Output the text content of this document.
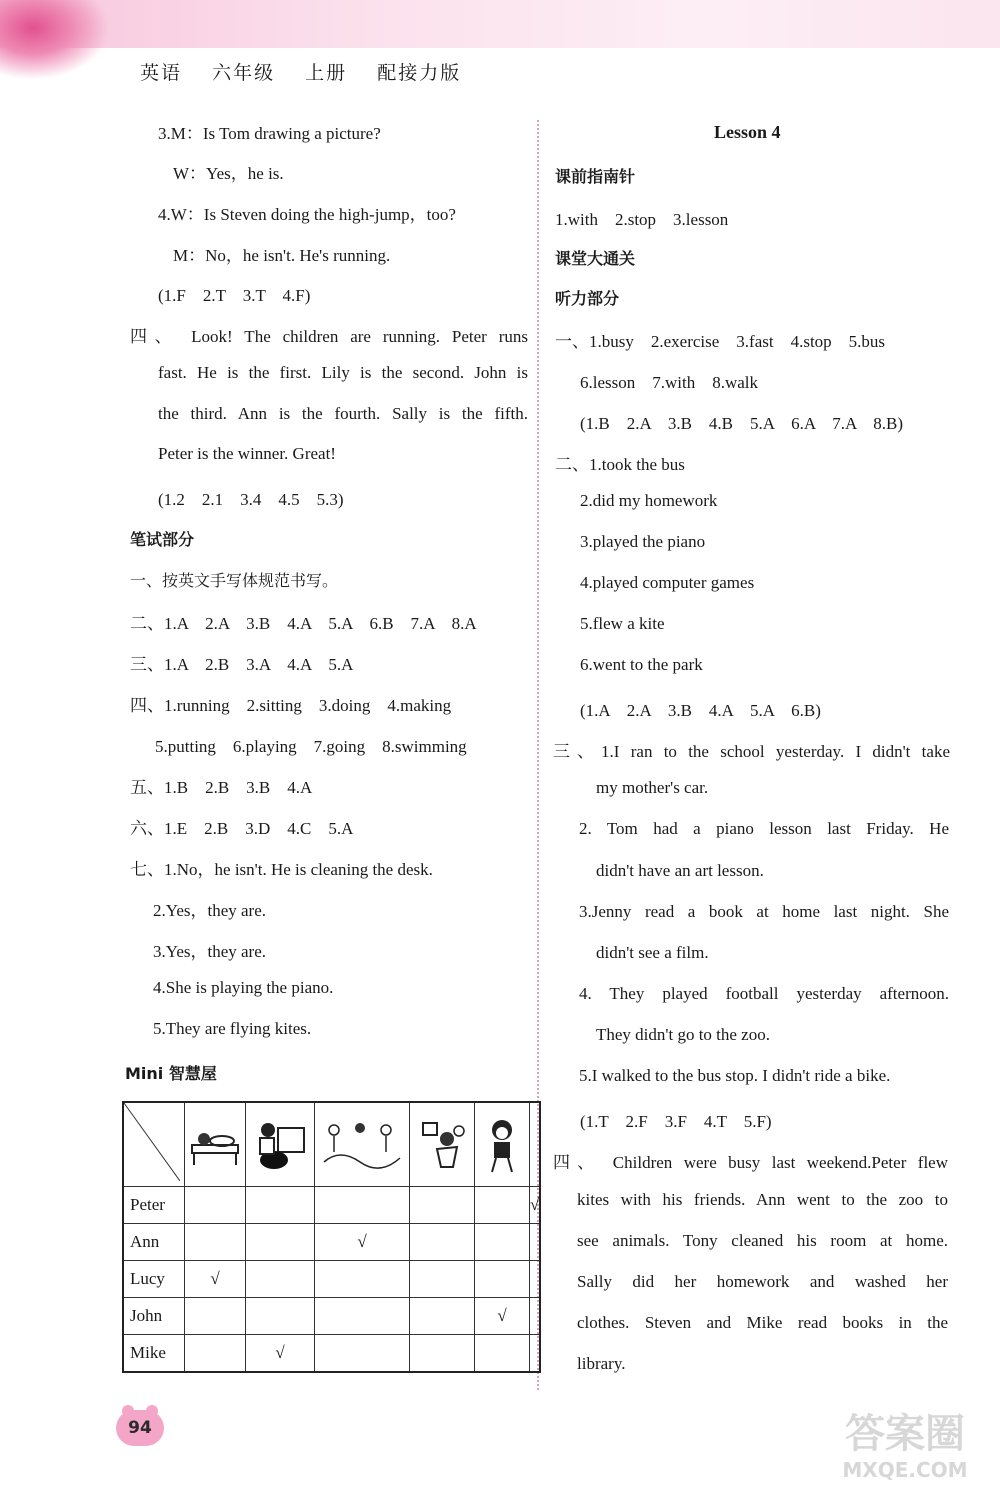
英语 六年级 上册 配接力版
3.M：Is Tom drawing a picture?
W：Yes，he is.
4.W：Is Steven doing the high-jump，too?
M：No，he isn't. He's running.
(1.F　2.T　3.T　4.F)
四、 Look! The children are running. Peter runs
fast. He is the first. Lily is the second. John is
the third. Ann is the fourth. Sally is the fifth.
Peter is the winner. Great!
(1.2　2.1　3.4　4.5　5.3)
笔试部分
一、按英文手写体规范书写。
二、1.A　2.A　3.B　4.A　5.A　6.B　7.A　8.A
三、1.A　2.B　3.A　4.A　5.A
四、1.running　2.sitting　3.doing　4.making
5.putting　6.playing　7.going　8.swimming
五、1.B　2.B　3.B　4.A
六、1.E　2.B　3.D　4.C　5.A
七、1.No，he isn't. He is cleaning the desk.
2.Yes，they are.
3.Yes，they are.
4.She is playing the piano.
5.They are flying kites.
Mini 智慧屋

Peter						√
Ann			√			
Lucy	√					
John					√	
Mike		√				
94
Lesson 4
课前指南针
1.with　2.stop　3.lesson
课堂大通关
听力部分
一、1.busy　2.exercise　3.fast　4.stop　5.bus
6.lesson　7.with　8.walk
(1.B　2.A　3.B　4.B　5.A　6.A　7.A　8.B)
二、1.took the bus
2.did my homework
3.played the piano
4.played computer games
5.flew a kite
6.went to the park
(1.A　2.A　3.B　4.A　5.A　6.B)
三、1.I ran to the school yesterday. I didn't take
my mother's car.
2. Tom had a piano lesson last Friday. He
didn't have an art lesson.
3.Jenny read a book at home last night. She
didn't see a film.
4. They played football yesterday afternoon.
They didn't go to the zoo.
5.I walked to the bus stop. I didn't ride a bike.
(1.T　2.F　3.F　4.T　5.F)
四、 Children were busy last weekend.Peter flew
kites with his friends. Ann went to the zoo to
see animals. Tony cleaned his room at home.
Sally did her homework and washed her
clothes. Steven and Mike read books in the
library.
答案圈
MXQE.COM
